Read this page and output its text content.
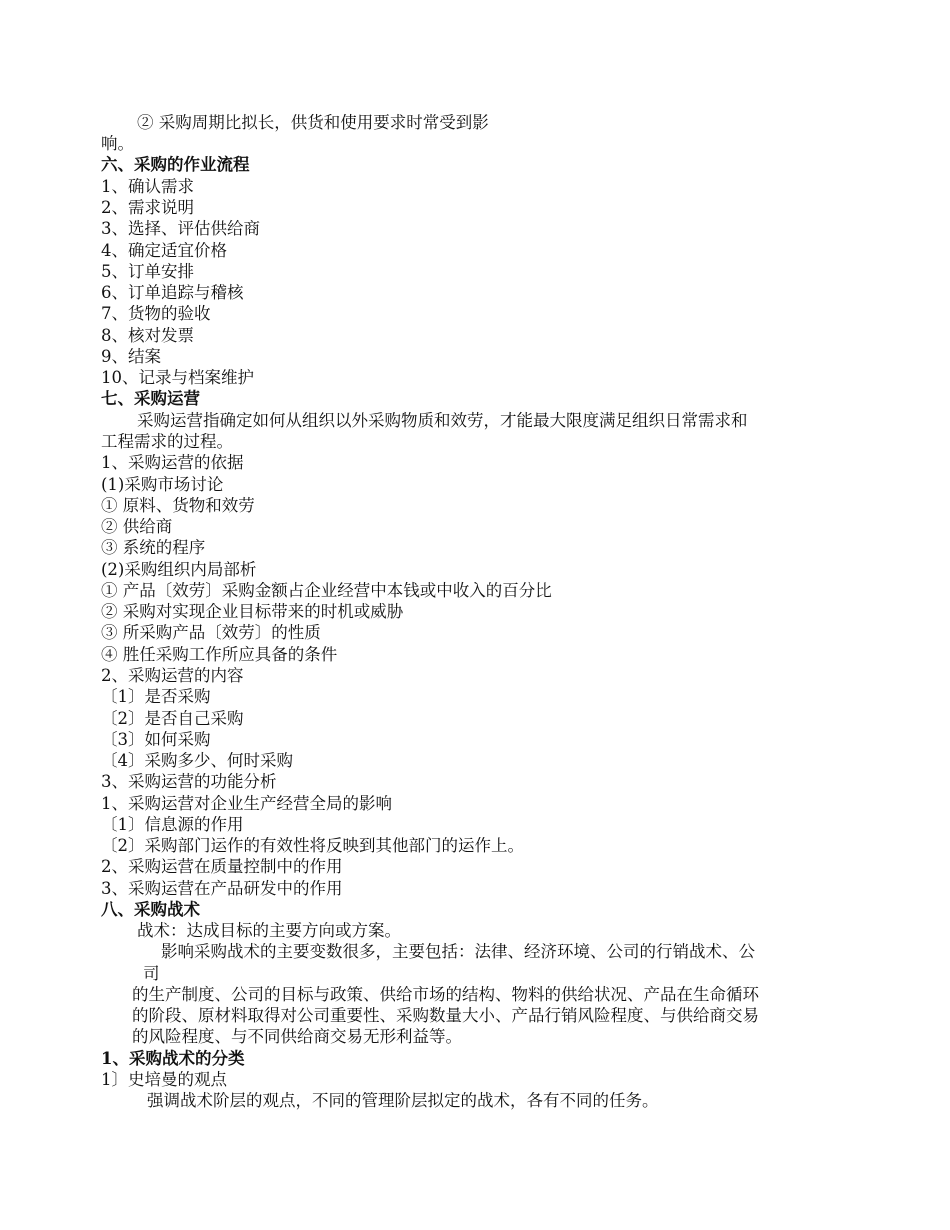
② 采购周期比拟长，供货和使用要求时常受到影

响。

六、采购的作业流程

1、确认需求

2、需求说明

3、选择、评估供给商

4、确定适宜价格

5、订单安排

6、订单追踪与稽核

7、货物的验收

8、核对发票

9、结案

10、记录与档案维护

七、采购运营

采购运营指确定如何从组织以外采购物质和效劳，才能最大限度满足组织日常需求和

工程需求的过程。

1、采购运营的依据

(1)采购市场讨论

① 原料、货物和效劳

② 供给商

③ 系统的程序

(2)采购组织内局部析

① 产品〔效劳〕采购金额占企业经营中本钱或中收入的百分比

② 采购对实现企业目标带来的时机或威胁

③ 所采购产品〔效劳〕的性质

④ 胜任采购工作所应具备的条件

2、采购运营的内容

〔1〕是否采购

〔2〕是否自己采购

〔3〕如何采购

〔4〕采购多少、何时采购

3、采购运营的功能分析

1、采购运营对企业生产经营全局的影响

〔1〕信息源的作用

〔2〕采购部门运作的有效性将反映到其他部门的运作上。

2、采购运营在质量控制中的作用

3、采购运营在产品研发中的作用

八、采购战术

战术：达成目标的主要方向或方案。

影响采购战术的主要变数很多，主要包括：法律、经济环境、公司的行销战术、公

司

的生产制度、公司的目标与政策、供给市场的结构、物料的供给状况、产品在生命循环

的阶段、原材料取得对公司重要性、采购数量大小、产品行销风险程度、与供给商交易

的风险程度、与不同供给商交易无形利益等。

1、采购战术的分类

1〕史培曼的观点

强调战术阶层的观点，不同的管理阶层拟定的战术，各有不同的任务。
